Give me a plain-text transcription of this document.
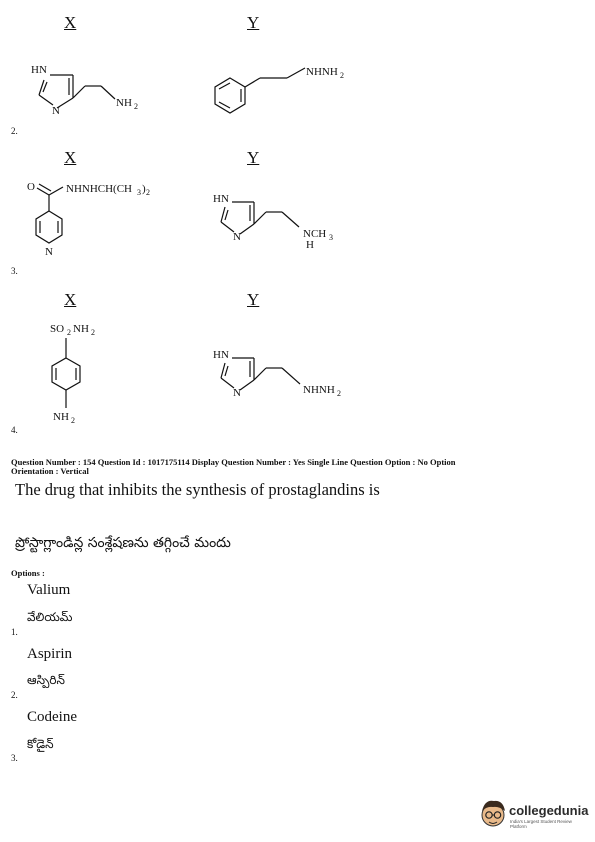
X	Y
HN
N
NH 2
NHNH 2
2.
X	Y
O	NHNHCH(CH 3 ) 2
N
HN
N	NCH 3
H
3.
X	Y
SO 2 NH 2
NH 2
HN
N	NHNH 2
4.
Question Number : 154 Question Id : 1017175114 Display Question Number : Yes Single Line Question Option : No Option
Orientation : Vertical
The drug that inhibits the synthesis of prostaglandins is
ప్రోస్టాగ్లాండిన్ల సంశ్లేషణను తగ్గించే మందు
Options :
Valium
వేలియమ్
1.
Aspirin
ఆస్పిరిన్
2.
Codeine
కోడైన్
3.
collegedunia
India's Largest Student Review Platform
